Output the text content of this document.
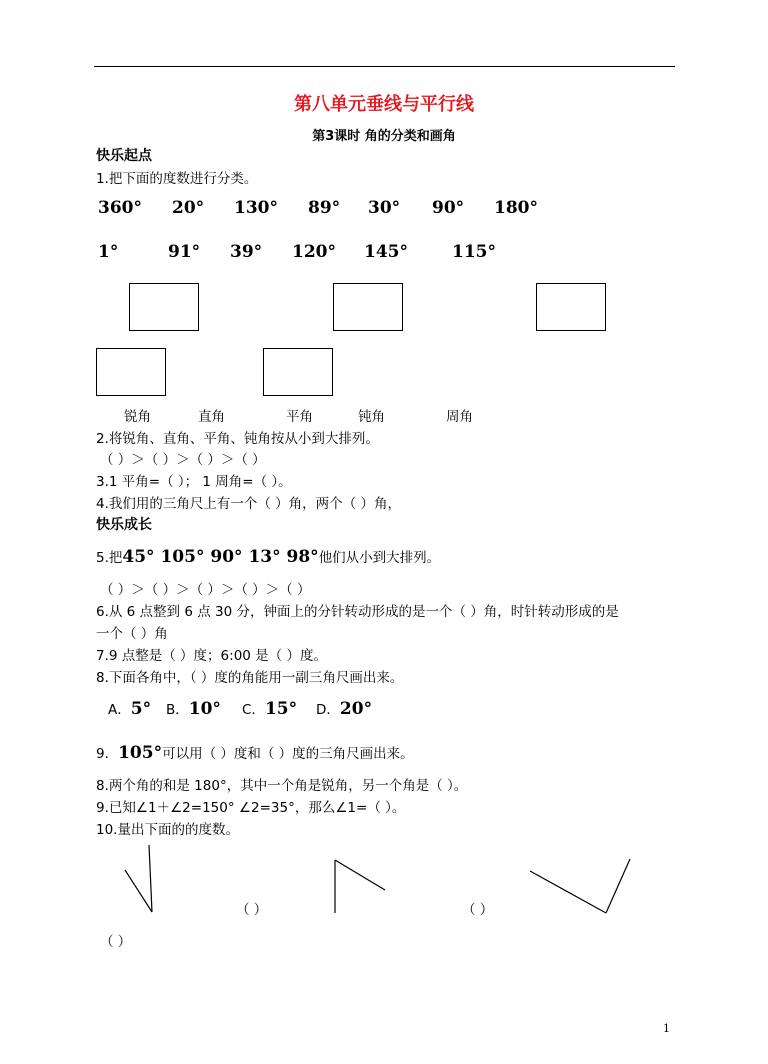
第八单元垂线与平行线
第3课时 角的分类和画角
快乐起点
1.把下面的度数进行分类。
360° 20° 130° 89° 30° 90° 180°
1°	91° 39° 120° 145°	115°
锐角	直角	平角	钝角	周角
2.将锐角、直角、平角、钝角按从小到大排列。
（ ）＞（ ）＞（ ）＞（ ）
3.1 平角=（ ）； 1 周角=（ ）。
4.我们用的三角尺上有一个（ ）角，两个（ ）角，
快乐成长
5.把45° 105° 90° 13° 98°他们从小到大排列。
（ ）＞（ ）＞（ ）＞（ ）＞（ ）
6.从 6 点整到 6 点 30 分，钟面上的分针转动形成的是一个（ ）角，时针转动形成的是
一个（ ）角
7.9 点整是（ ）度；6:00 是（ ）度。
8.下面各角中，（ ）度的角能用一副三角尺画出来。
A．5° B．10° C．15° D．20°
9．105°可以用（ ）度和（ ）度的三角尺画出来。
8.两个角的和是 180°，其中一个角是锐角，另一个角是（ ）。
9.已知∠1＋∠2=150° ∠2=35°，那么∠1=（ ）。
10.量出下面的的度数。
（ ）	（ ）
（ ）
1
